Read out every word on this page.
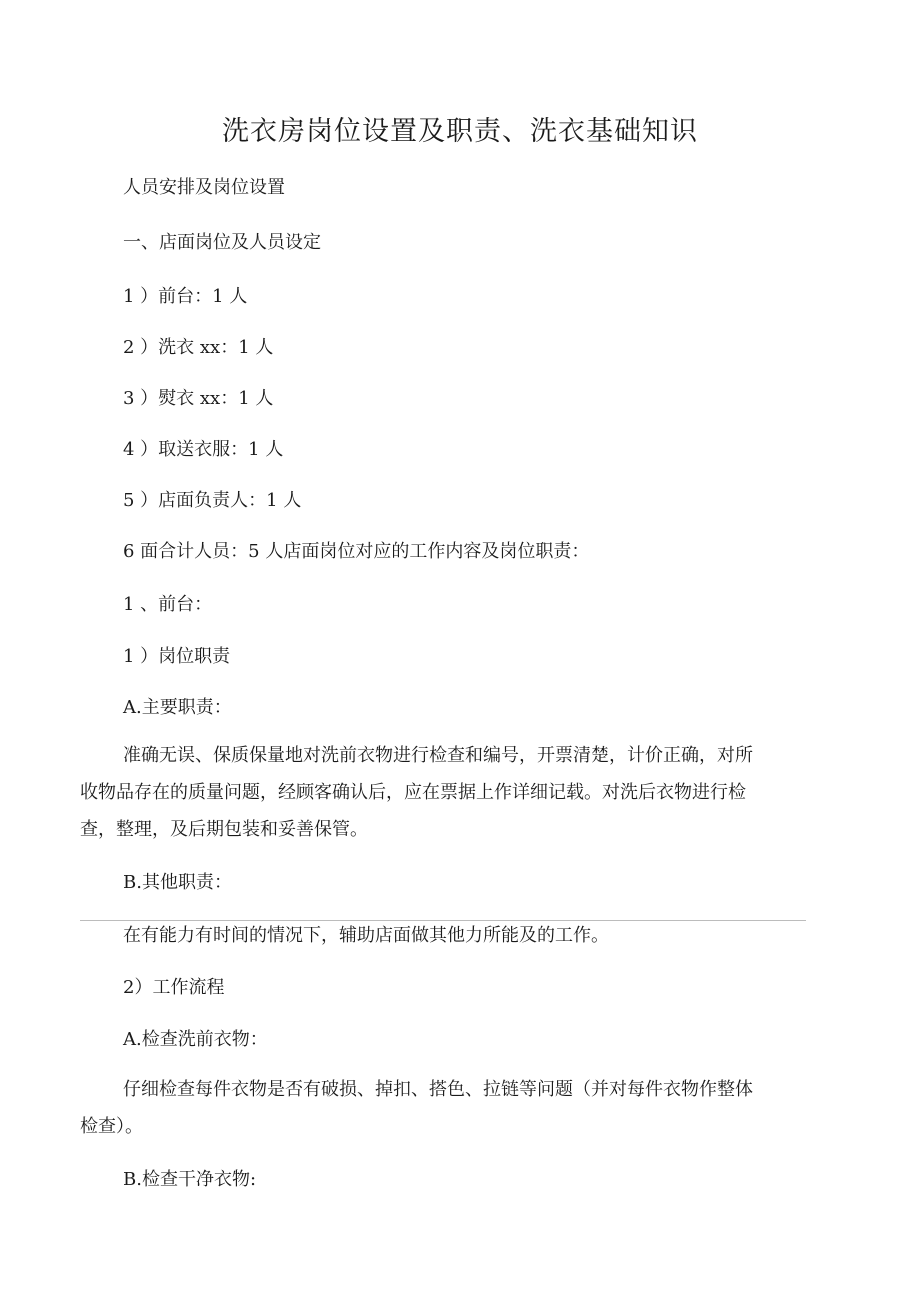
洗衣房岗位设置及职责、洗衣基础知识

人员安排及岗位设置

一、店面岗位及人员设定

1 ）前台：1 人

2 ）洗衣 xx：1 人

3 ）熨衣 xx：1 人

4 ）取送衣服：1 人

5 ）店面负责人：1 人

6 面合计人员：5 人店面岗位对应的工作内容及岗位职责：

1 、前台：

1 ）岗位职责

A.主要职责：

准确无误、保质保量地对洗前衣物进行检查和编号，开票清楚，计价正确，对所收物品存在的质量问题，经顾客确认后，应在票据上作详细记载。对洗后衣物进行检查，整理，及后期包装和妥善保管。

B.其他职责：

在有能力有时间的情况下，辅助店面做其他力所能及的工作。

2）工作流程

A.检查洗前衣物：

仔细检查每件衣物是否有破损、掉扣、搭色、拉链等问题（并对每件衣物作整体检查）。

B.检查干净衣物:
